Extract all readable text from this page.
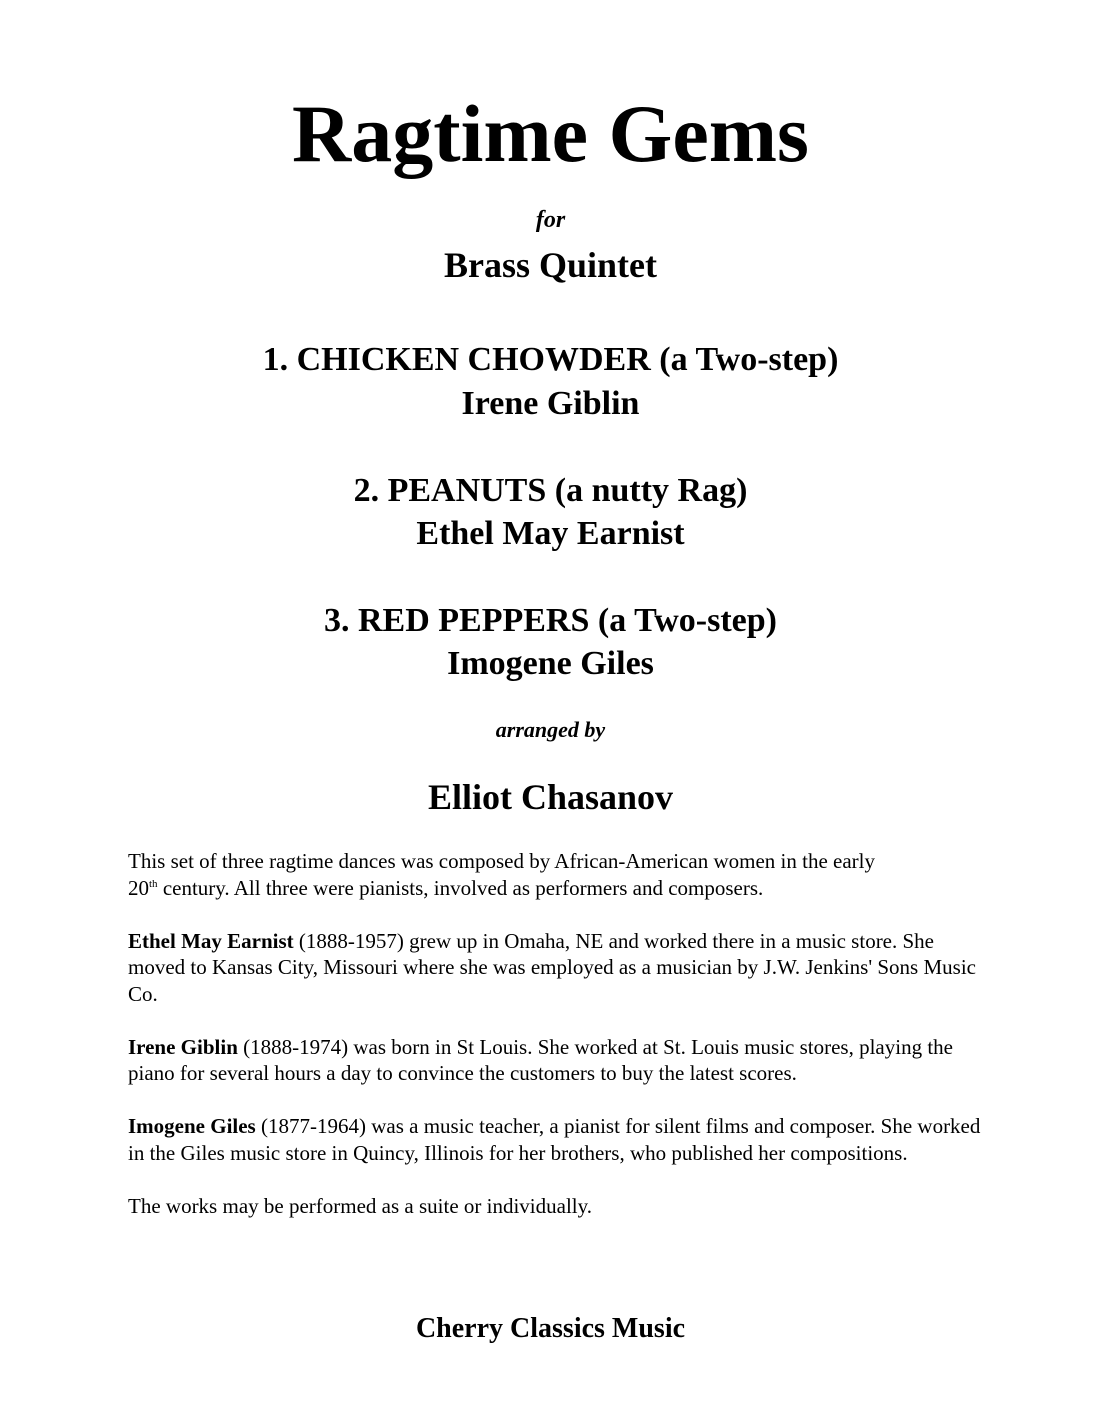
Ragtime Gems
for
Brass Quintet
1. CHICKEN CHOWDER (a Two-step)
Irene Giblin
2. PEANUTS (a nutty Rag)
Ethel May Earnist
3. RED PEPPERS (a Two-step)
Imogene Giles
arranged by
Elliot Chasanov

This set of three ragtime dances was composed by African-American women in the early
20th century. All three were pianists, involved as performers and composers.

Ethel May Earnist (1888-1957) grew up in Omaha, NE and worked there in a music store. She moved to Kansas City, Missouri where she was employed as a musician by J.W. Jenkins' Sons Music Co.

Irene Giblin (1888-1974) was born in St Louis. She worked at St. Louis music stores, playing the piano for several hours a day to convince the customers to buy the latest scores.

Imogene Giles (1877-1964) was a music teacher, a pianist for silent films and composer. She worked in the Giles music store in Quincy, Illinois for her brothers, who published her compositions.

The works may be performed as a suite or individually.

Cherry Classics Music
